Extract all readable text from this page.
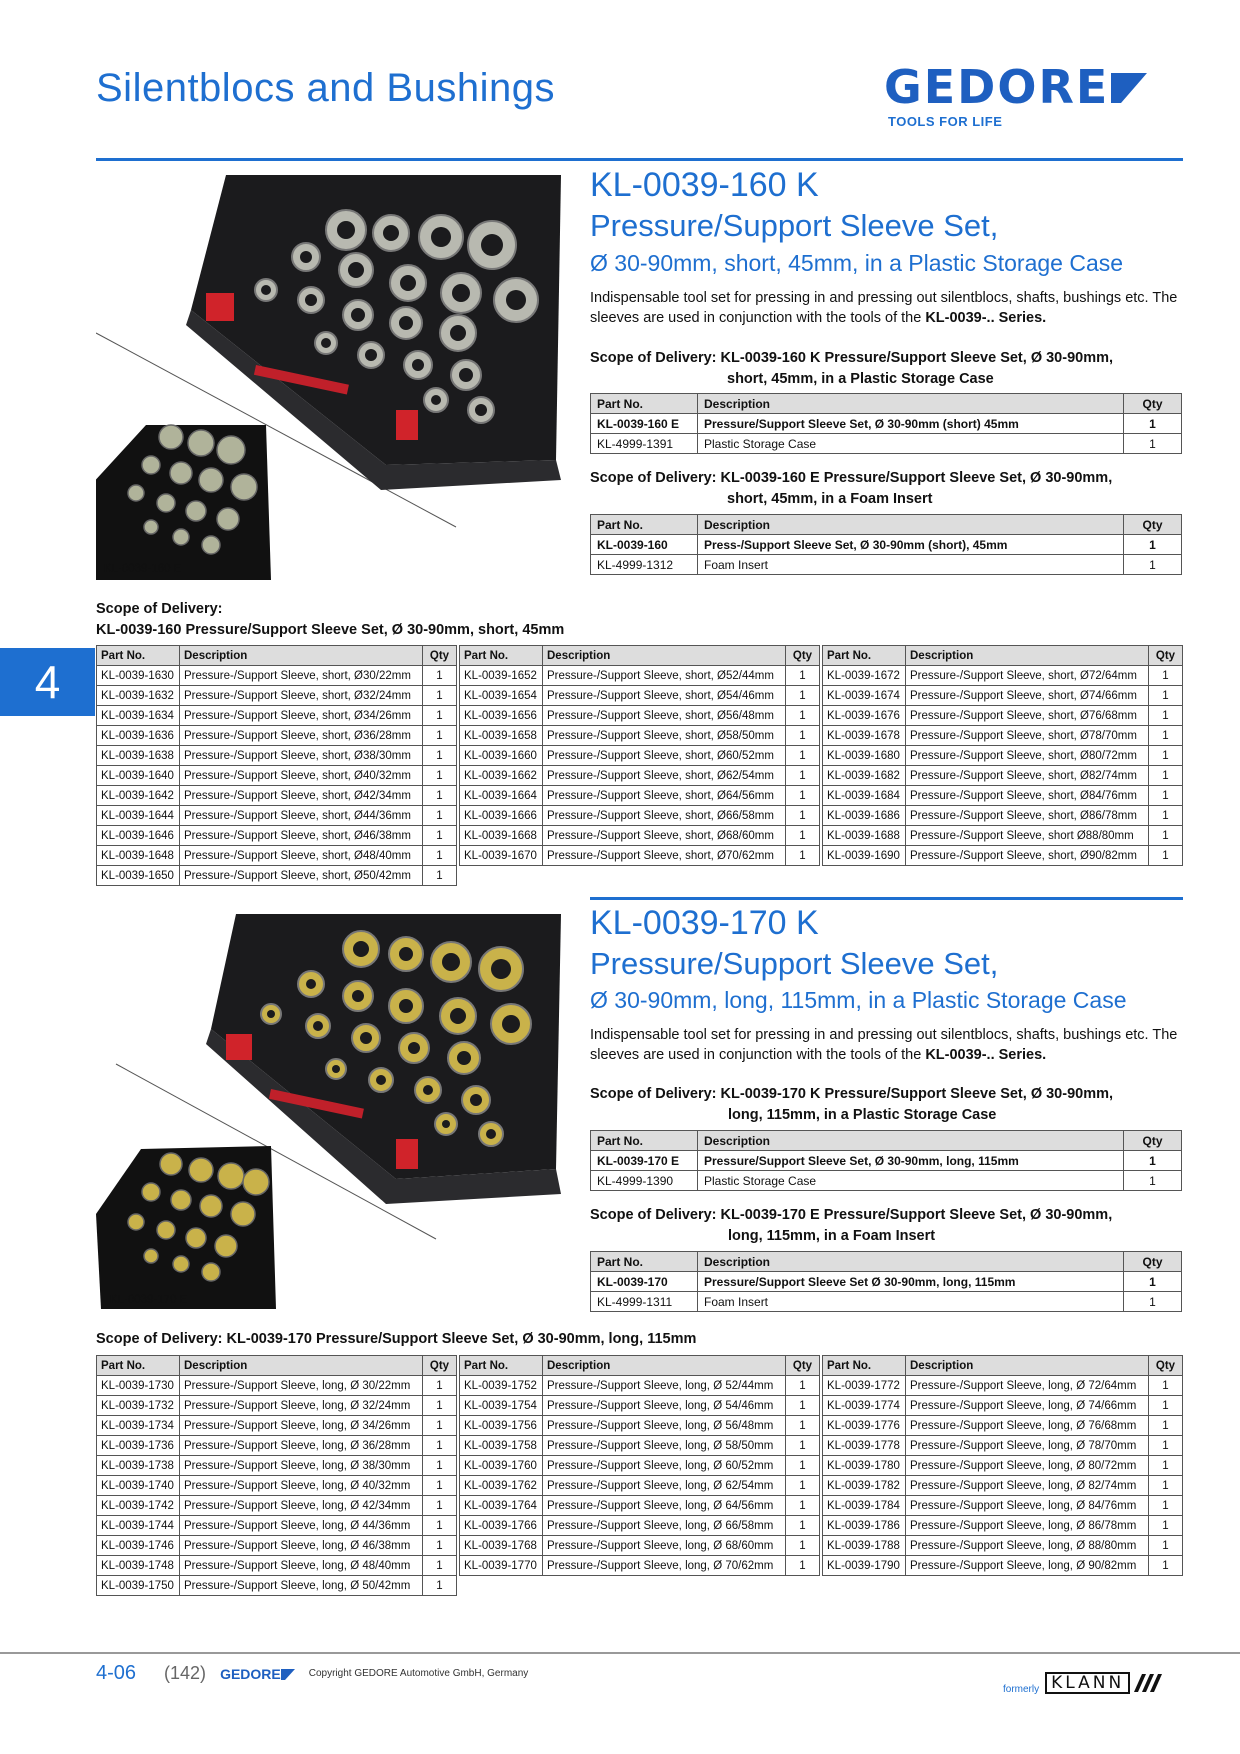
Silentblocs and Bushings	GEDORE
TOOLS FOR LIFE
4
KL-0039-160 E
KL-0039-160 K
Pressure/Support Sleeve Set,
Ø 30-90mm, short, 45mm, in a Plastic Storage Case
Indispensable tool set for pressing in and pressing out silentblocs, shafts, bushings etc. The sleeves are used in conjunction with the tools of the KL-0039-.. Series.
Scope of Delivery: KL-0039-160 K Pressure/Support Sleeve Set, Ø 30-90mm,
short, 45mm, in a Plastic Storage Case
Part No.	Description	Qty
KL-0039-160 E	Pressure/Support Sleeve Set, Ø 30-90mm (short) 45mm	1
KL-4999-1391	Plastic Storage Case	1
Scope of Delivery: KL-0039-160 E Pressure/Support Sleeve Set, Ø 30-90mm,
short, 45mm, in a Foam Insert
Part No.	Description	Qty
KL-0039-160	Press-/Support Sleeve Set, Ø 30-90mm (short), 45mm	1
KL-4999-1312	Foam Insert	1
Scope of Delivery:
KL-0039-160 Pressure/Support Sleeve Set, Ø 30-90mm, short, 45mm
Part No.	Description	Qty
KL-0039-1630	Pressure-/Support Sleeve, short, Ø30/22mm	1
KL-0039-1632	Pressure-/Support Sleeve, short, Ø32/24mm	1
KL-0039-1634	Pressure-/Support Sleeve, short, Ø34/26mm	1
KL-0039-1636	Pressure-/Support Sleeve, short, Ø36/28mm	1
KL-0039-1638	Pressure-/Support Sleeve, short, Ø38/30mm	1
KL-0039-1640	Pressure-/Support Sleeve, short, Ø40/32mm	1
KL-0039-1642	Pressure-/Support Sleeve, short, Ø42/34mm	1
KL-0039-1644	Pressure-/Support Sleeve, short, Ø44/36mm	1
KL-0039-1646	Pressure-/Support Sleeve, short, Ø46/38mm	1
KL-0039-1648	Pressure-/Support Sleeve, short, Ø48/40mm	1
KL-0039-1650	Pressure-/Support Sleeve, short, Ø50/42mm	1
Part No.	Description	Qty
KL-0039-1652	Pressure-/Support Sleeve, short, Ø52/44mm	1
KL-0039-1654	Pressure-/Support Sleeve, short, Ø54/46mm	1
KL-0039-1656	Pressure-/Support Sleeve, short, Ø56/48mm	1
KL-0039-1658	Pressure-/Support Sleeve, short, Ø58/50mm	1
KL-0039-1660	Pressure-/Support Sleeve, short, Ø60/52mm	1
KL-0039-1662	Pressure-/Support Sleeve, short, Ø62/54mm	1
KL-0039-1664	Pressure-/Support Sleeve, short, Ø64/56mm	1
KL-0039-1666	Pressure-/Support Sleeve, short, Ø66/58mm	1
KL-0039-1668	Pressure-/Support Sleeve, short, Ø68/60mm	1
KL-0039-1670	Pressure-/Support Sleeve, short, Ø70/62mm	1
Part No.	Description	Qty
KL-0039-1672	Pressure-/Support Sleeve, short, Ø72/64mm	1
KL-0039-1674	Pressure-/Support Sleeve, short, Ø74/66mm	1
KL-0039-1676	Pressure-/Support Sleeve, short, Ø76/68mm	1
KL-0039-1678	Pressure-/Support Sleeve, short, Ø78/70mm	1
KL-0039-1680	Pressure-/Support Sleeve, short, Ø80/72mm	1
KL-0039-1682	Pressure-/Support Sleeve, short, Ø82/74mm	1
KL-0039-1684	Pressure-/Support Sleeve, short, Ø84/76mm	1
KL-0039-1686	Pressure-/Support Sleeve, short, Ø86/78mm	1
KL-0039-1688	Pressure-/Support Sleeve, short Ø88/80mm	1
KL-0039-1690	Pressure-/Support Sleeve, short, Ø90/82mm	1
KL-0039-170 E
KL-0039-170 K
Pressure/Support Sleeve Set,
Ø 30-90mm, long, 115mm, in a Plastic Storage Case
Indispensable tool set for pressing in and pressing out silentblocs, shafts, bushings etc. The sleeves are used in conjunction with the tools of the KL-0039-.. Series.
Scope of Delivery: KL-0039-170 K Pressure/Support Sleeve Set, Ø 30-90mm,
long, 115mm, in a Plastic Storage Case
Part No.	Description	Qty
KL-0039-170 E	Pressure/Support Sleeve Set, Ø 30-90mm, long, 115mm	1
KL-4999-1390	Plastic Storage Case	1
Scope of Delivery: KL-0039-170 E Pressure/Support Sleeve Set, Ø 30-90mm,
long, 115mm, in a Foam Insert
Part No.	Description	Qty
KL-0039-170	Pressure/Support Sleeve Set Ø 30-90mm, long, 115mm	1
KL-4999-1311	Foam Insert	1
Scope of Delivery: KL-0039-170 Pressure/Support Sleeve Set, Ø 30-90mm, long, 115mm
Part No.	Description	Qty
KL-0039-1730	Pressure-/Support Sleeve, long, Ø 30/22mm	1
KL-0039-1732	Pressure-/Support Sleeve, long, Ø 32/24mm	1
KL-0039-1734	Pressure-/Support Sleeve, long, Ø 34/26mm	1
KL-0039-1736	Pressure-/Support Sleeve, long, Ø 36/28mm	1
KL-0039-1738	Pressure-/Support Sleeve, long, Ø 38/30mm	1
KL-0039-1740	Pressure-/Support Sleeve, long, Ø 40/32mm	1
KL-0039-1742	Pressure-/Support Sleeve, long, Ø 42/34mm	1
KL-0039-1744	Pressure-/Support Sleeve, long, Ø 44/36mm	1
KL-0039-1746	Pressure-/Support Sleeve, long, Ø 46/38mm	1
KL-0039-1748	Pressure-/Support Sleeve, long, Ø 48/40mm	1
KL-0039-1750	Pressure-/Support Sleeve, long, Ø 50/42mm	1
Part No.	Description	Qty
KL-0039-1752	Pressure-/Support Sleeve, long, Ø 52/44mm	1
KL-0039-1754	Pressure-/Support Sleeve, long, Ø 54/46mm	1
KL-0039-1756	Pressure-/Support Sleeve, long, Ø 56/48mm	1
KL-0039-1758	Pressure-/Support Sleeve, long, Ø 58/50mm	1
KL-0039-1760	Pressure-/Support Sleeve, long, Ø 60/52mm	1
KL-0039-1762	Pressure-/Support Sleeve, long, Ø 62/54mm	1
KL-0039-1764	Pressure-/Support Sleeve, long, Ø 64/56mm	1
KL-0039-1766	Pressure-/Support Sleeve, long, Ø 66/58mm	1
KL-0039-1768	Pressure-/Support Sleeve, long, Ø 68/60mm	1
KL-0039-1770	Pressure-/Support Sleeve, long, Ø 70/62mm	1
Part No.	Description	Qty
KL-0039-1772	Pressure-/Support Sleeve, long, Ø 72/64mm	1
KL-0039-1774	Pressure-/Support Sleeve, long, Ø 74/66mm	1
KL-0039-1776	Pressure-/Support Sleeve, long, Ø 76/68mm	1
KL-0039-1778	Pressure-/Support Sleeve, long, Ø 78/70mm	1
KL-0039-1780	Pressure-/Support Sleeve, long, Ø 80/72mm	1
KL-0039-1782	Pressure-/Support Sleeve, long, Ø 82/74mm	1
KL-0039-1784	Pressure-/Support Sleeve, long, Ø 84/76mm	1
KL-0039-1786	Pressure-/Support Sleeve, long, Ø 86/78mm	1
KL-0039-1788	Pressure-/Support Sleeve, long, Ø 88/80mm	1
KL-0039-1790	Pressure-/Support Sleeve, long, Ø 90/82mm	1
4-06 (142) GEDORE	Copyright GEDORE Automotive GmbH, Germany
formerly KLANN
